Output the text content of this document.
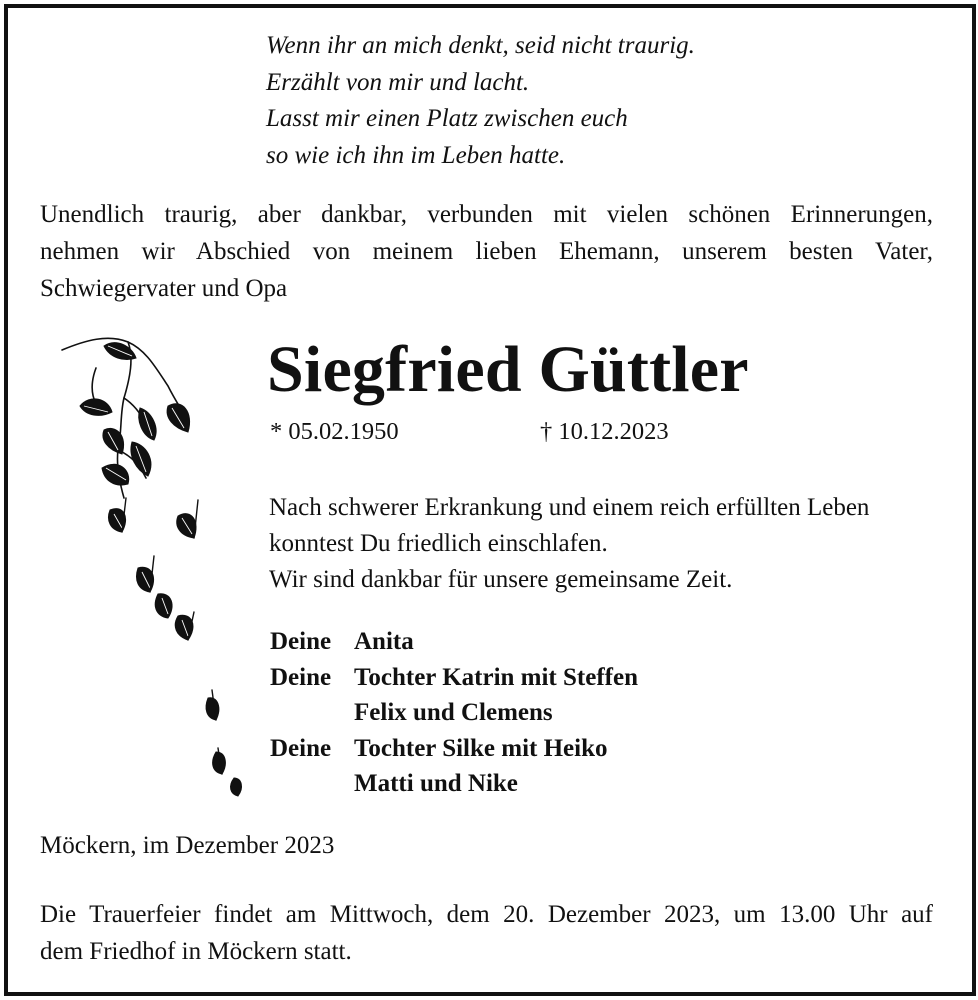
Wenn ihr an mich denkt, seid nicht traurig.
Erzählt von mir und lacht.
Lasst mir einen Platz zwischen euch
so wie ich ihn im Leben hatte.
Unendlich traurig, aber dankbar, verbunden mit vielen schönen Erinnerungen,
nehmen wir Abschied von meinem lieben Ehemann, unserem besten Vater,
Schwiegervater und Opa
Siegfried Güttler
* 05.02.1950	† 10.12.2023
Nach schwerer Erkrankung und einem reich erfüllten Leben
konntest Du friedlich einschlafen.
Wir sind dankbar für unsere gemeinsame Zeit.
Deine Anita
Deine Tochter Katrin mit Steffen
Felix und Clemens
Deine Tochter Silke mit Heiko
Matti und Nike
Möckern, im Dezember 2023
Die Trauerfeier findet am Mittwoch, dem 20. Dezember 2023, um 13.00 Uhr auf
dem Friedhof in Möckern statt.
